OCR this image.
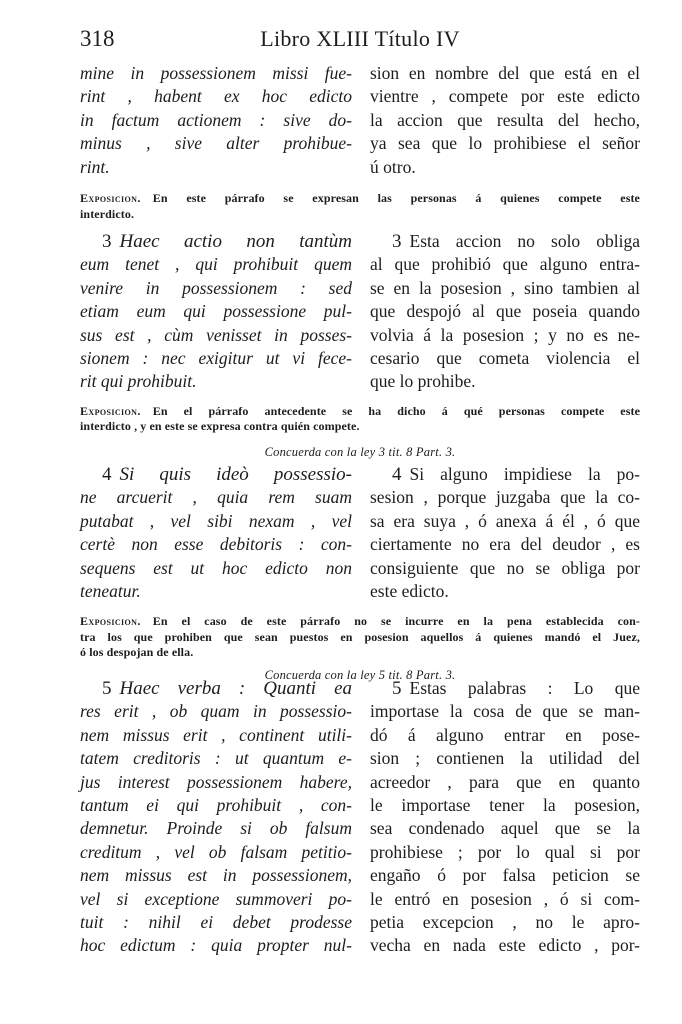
318	Libro XLIII Título IV
mine in possessionem missi fue-
rint , habent ex hoc edicto
in factum actionem : sive do-
minus , sive alter prohibue-
rint.
sion en nombre del que está en el
vientre , compete por este edicto
la accion que resulta del hecho,
ya sea que lo prohibiese el señor
ú otro.
Exposicion. En este párrafo se expresan las personas á quienes compete este
interdicto.
3 Haec actio non tantùm
eum tenet , qui prohibuit quem
venire in possessionem : sed
etiam eum qui possessione pul-
sus est , cùm venisset in posses-
sionem : nec exigitur ut vi fece-
rit qui prohibuit.
3 Esta accion no solo obliga
al que prohibió que alguno entra-
se en la posesion , sino tambien al
que despojó al que poseia quando
volvia á la posesion ; y no es ne-
cesario que cometa violencia el
que lo prohibe.
Exposicion. En el párrafo antecedente se ha dicho á qué personas compete este
interdicto , y en este se expresa contra quién compete.
Concuerda con la ley 3 tit. 8 Part. 3.
4 Si quis ideò possessio-
ne arcuerit , quia rem suam
putabat , vel sibi nexam , vel
certè non esse debitoris : con-
sequens est ut hoc edicto non
teneatur.
4 Si alguno impidiese la po-
sesion , porque juzgaba que la co-
sa era suya , ó anexa á él , ó que
ciertamente no era del deudor , es
consiguiente que no se obliga por
este edicto.
Exposicion. En el caso de este párrafo no se incurre en la pena establecida con-
tra los que prohiben que sean puestos en posesion aquellos á quienes mandó el Juez,
ó los despojan de ella.
Concuerda con la ley 5 tit. 8 Part. 3.
5 Haec verba : Quanti ea
res erit , ob quam in possessio-
nem missus erit , continent utili-
tatem creditoris : ut quantum e-
jus interest possessionem habere,
tantum ei qui prohibuit , con-
demnetur. Proinde si ob falsum
creditum , vel ob falsam petitio-
nem missus est in possessionem,
vel si exceptione summoveri po-
tuit : nihil ei debet prodesse
hoc edictum : quia propter nul-
5 Estas palabras : Lo que
importase la cosa de que se man-
dó á alguno entrar en pose-
sion ; contienen la utilidad del
acreedor , para que en quanto
le importase tener la posesion,
sea condenado aquel que se la
prohibiese ; por lo qual si por
engaño ó por falsa peticion se
le entró en posesion , ó si com-
petia excepcion , no le apro-
vecha en nada este edicto , por-
